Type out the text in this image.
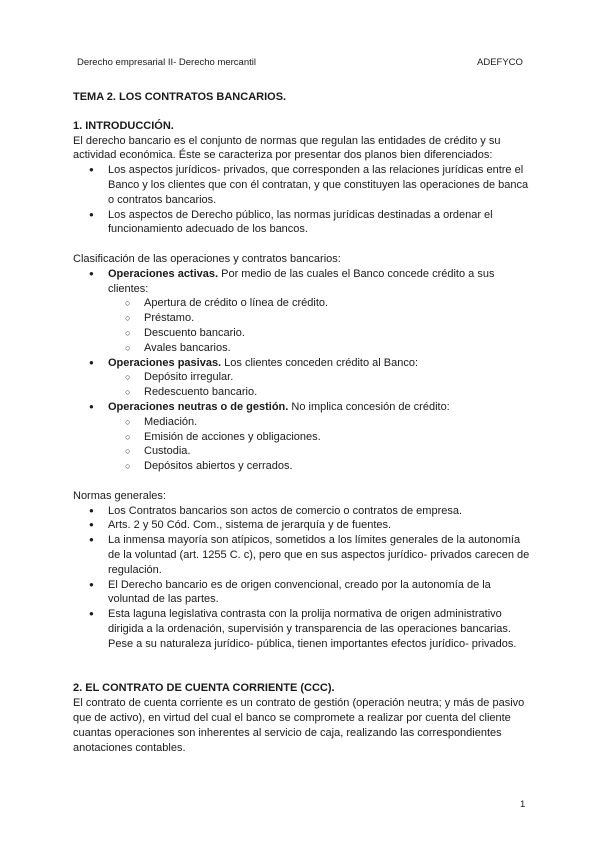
Derecho empresarial II- Derecho mercantil	ADEFYCO
TEMA 2. LOS CONTRATOS BANCARIOS.
1. INTRODUCCIÓN.

El derecho bancario es el conjunto de normas que regulan las entidades de crédito y su actividad económica. Éste se caracteriza por presentar dos planos bien diferenciados:

● Los aspectos jurídicos- privados, que corresponden a las relaciones jurídicas entre el Banco y los clientes que con él contratan, y que constituyen las operaciones de banca o contratos bancarios.
● Los aspectos de Derecho público, las normas jurídicas destinadas a ordenar el funcionamiento adecuado de los bancos.

Clasificación de las operaciones y contratos bancarios:

● Operaciones activas. Por medio de las cuales el Banco concede crédito a sus clientes:
○ Apertura de crédito o línea de crédito.
○ Préstamo.
○ Descuento bancario.
○ Avales bancarios.
● Operaciones pasivas. Los clientes conceden crédito al Banco:
○ Depósito irregular.
○ Redescuento bancario.
● Operaciones neutras o de gestión. No implica concesión de crédito:
○ Mediación.
○ Emisión de acciones y obligaciones.
○ Custodia.
○ Depósitos abiertos y cerrados.

Normas generales:

● Los Contratos bancarios son actos de comercio o contratos de empresa.
● Arts. 2 y 50 Cód. Com., sistema de jerarquía y de fuentes.
● La inmensa mayoría son atípicos, sometidos a los límites generales de la autonomía de la voluntad (art. 1255 C. c), pero que en sus aspectos jurídico- privados carecen de regulación.
● El Derecho bancario es de origen convencional, creado por la autonomía de la voluntad de las partes.
● Esta laguna legislativa contrasta con la prolija normativa de origen administrativo dirigida a la ordenación, supervisión y transparencia de las operaciones bancarias. Pese a su naturaleza jurídico- pública, tienen importantes efectos jurídico- privados.
2. EL CONTRATO DE CUENTA CORRIENTE (CCC).

El contrato de cuenta corriente es un contrato de gestión (operación neutra; y más de pasivo que de activo), en virtud del cual el banco se compromete a realizar por cuenta del cliente cuantas operaciones son inherentes al servicio de caja, realizando las correspondientes anotaciones contables.

1
